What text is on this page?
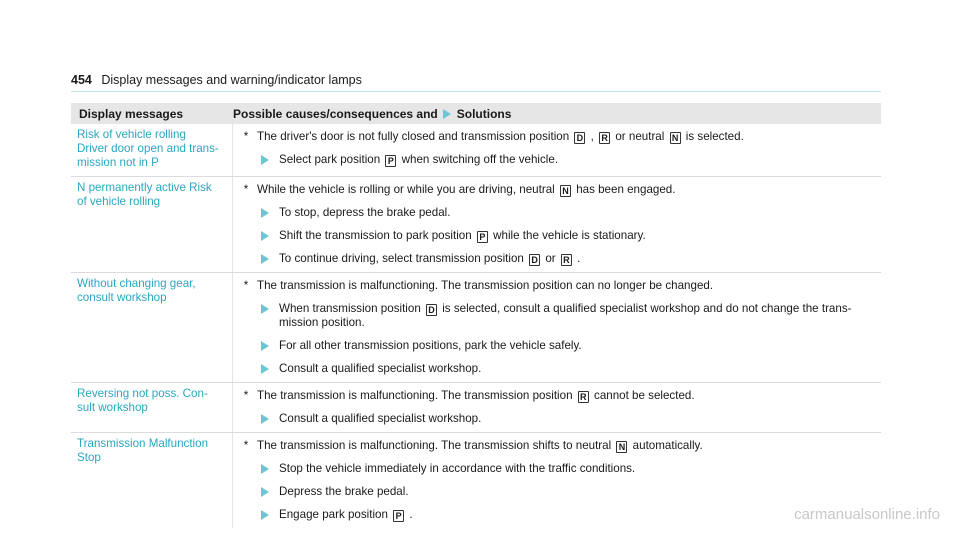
454 Display messages and warning/indicator lamps
Display messages	Possible causes/consequences and Solutions
Risk of vehicle rolling
Driver door open and trans-
mission not in P
* The driver's door is not fully closed and transmission position D , R or neutral N is selected.
Select park position P when switching off the vehicle.
N permanently active Risk
of vehicle rolling
* While the vehicle is rolling or while you are driving, neutral N has been engaged.
To stop, depress the brake pedal.
Shift the transmission to park position P while the vehicle is stationary.
To continue driving, select transmission position D or R .
Without changing gear,
consult workshop
* The transmission is malfunctioning. The transmission position can no longer be changed.
When transmission position D is selected, consult a qualified specialist workshop and do not change the trans-
mission position.
For all other transmission positions, park the vehicle safely.
Consult a qualified specialist workshop.
Reversing not poss. Con-
sult workshop
* The transmission is malfunctioning. The transmission position R cannot be selected.
Consult a qualified specialist workshop.
Transmission Malfunction
Stop
* The transmission is malfunctioning. The transmission shifts to neutral N automatically.
Stop the vehicle immediately in accordance with the traffic conditions.
Depress the brake pedal.
Engage park position P .	carmanualsonline.info
